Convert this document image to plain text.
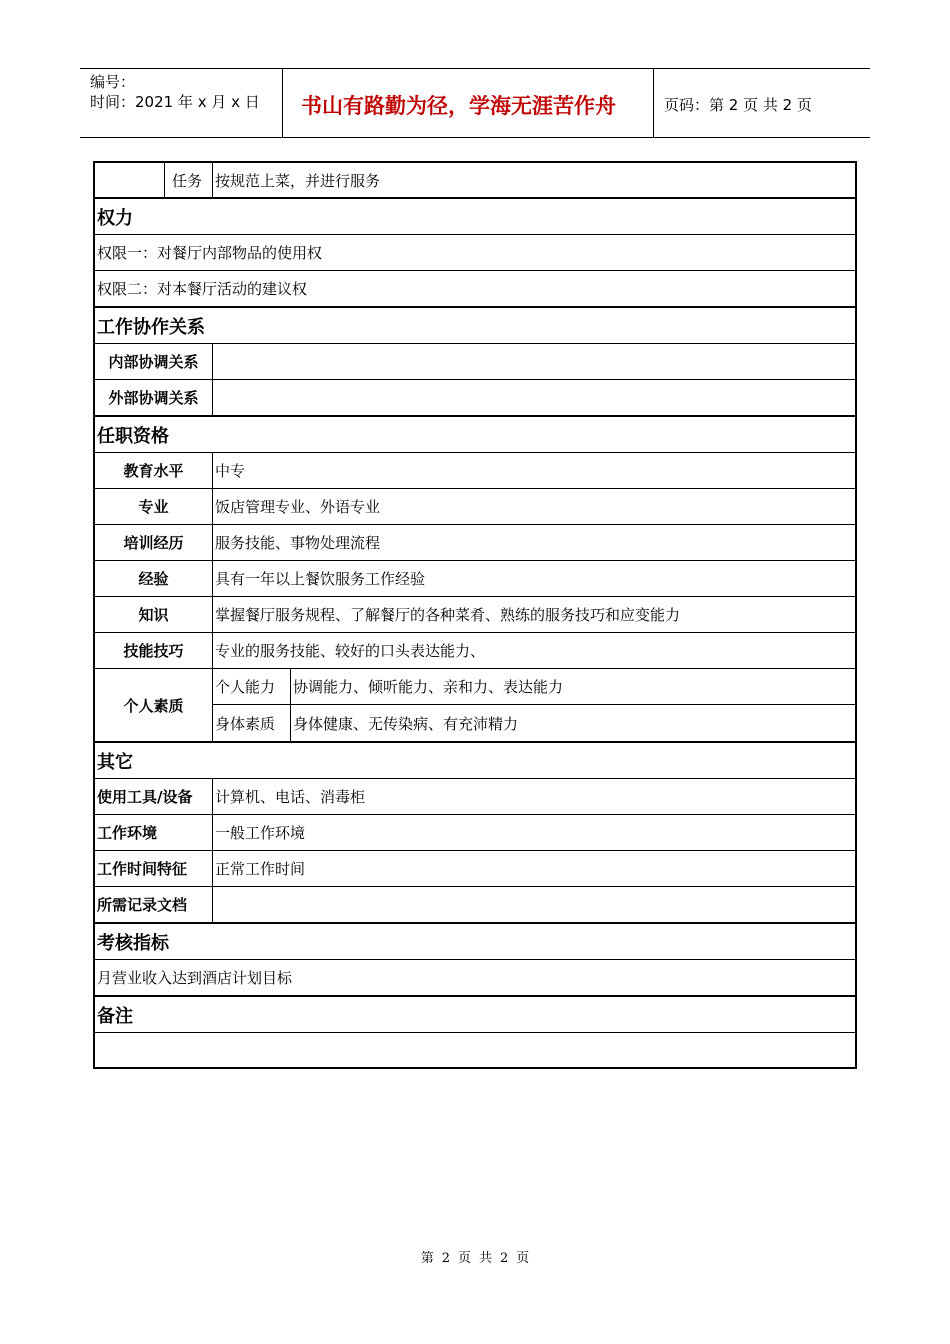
编号：
时间：2021 年 x 月 x 日 书山有路勤为径，学海无涯苦作舟	页码：第 2 页 共 2 页
任务 按规范上菜，并进行服务
权力
权限一：对餐厅内部物品的使用权
权限二：对本餐厅活动的建议权
工作协作关系
内部协调关系
外部协调关系
任职资格
教育水平	中专
专业	饭店管理专业、外语专业
培训经历	服务技能、事物处理流程
经验	具有一年以上餐饮服务工作经验
知识	掌握餐厅服务规程、了解餐厅的各种菜肴、熟练的服务技巧和应变能力
技能技巧	专业的服务技能、较好的口头表达能力、
个人素质
个人能力	协调能力、倾听能力、亲和力、表达能力
身体素质	身体健康、无传染病、有充沛精力
其它
使用工具/设备	计算机、电话、消毒柜
工作环境	一般工作环境
工作时间特征	正常工作时间
所需记录文档
考核指标
月营业收入达到酒店计划目标
备注
第 2 页 共 2 页
